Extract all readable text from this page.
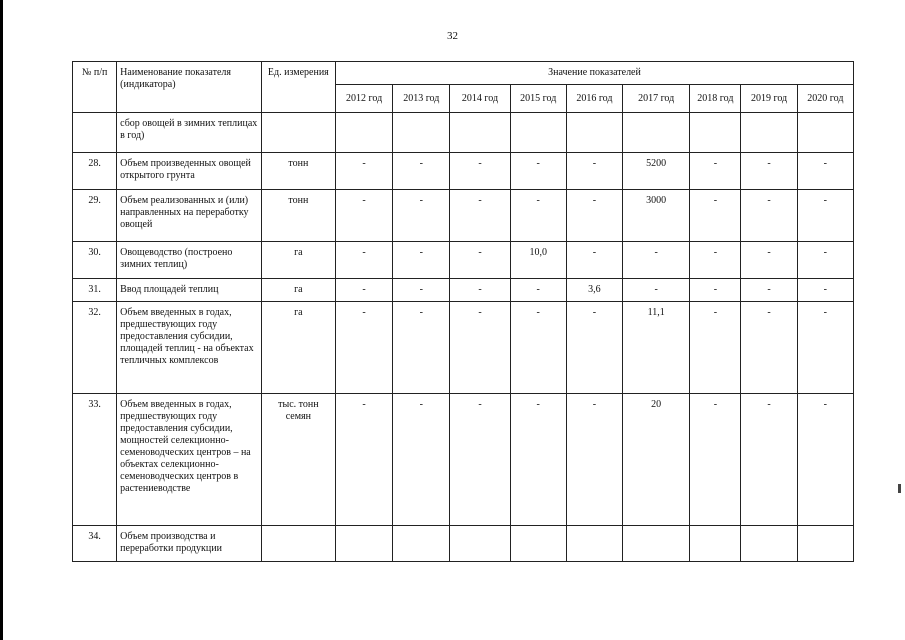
32
№ п/п	Наименование показателя (индикатора)	Ед. измерения	Значение показателей								
			2012 год	2013 год	2014 год	2015 год	2016 год	2017 год	2018 год	2019 год	2020 год
	сбор овощей в зимних теплицах в год)										
28.	Объем произведенных овощей открытого грунта	тонн	-	-	-	-	-	5200	-	-	-
29.	Объем реализованных и (или) направленных на переработку овощей	тонн	-	-	-	-	-	3000	-	-	-
30.	Овощеводство (построено зимних теплиц)	га	-	-	-	10,0	-	-	-	-	-
31.	Ввод площадей теплиц	га	-	-	-	-	3,6	-	-	-	-
32.	Объем введенных в годах, предшествующих году предоставления субсидии, площадей теплиц - на объектах тепличных комплексов	га	-	-	-	-	-	11,1	-	-	-
33.	Объем введенных в годах, предшествующих году предоставления субсидии, мощностей селекционно-семеноводческих центров – на объектах селекционно-семеноводческих центров в растениеводстве	тыс. тонн семян	-	-	-	-	-	20	-	-	-
34.	Объем производства и переработки продукции										
